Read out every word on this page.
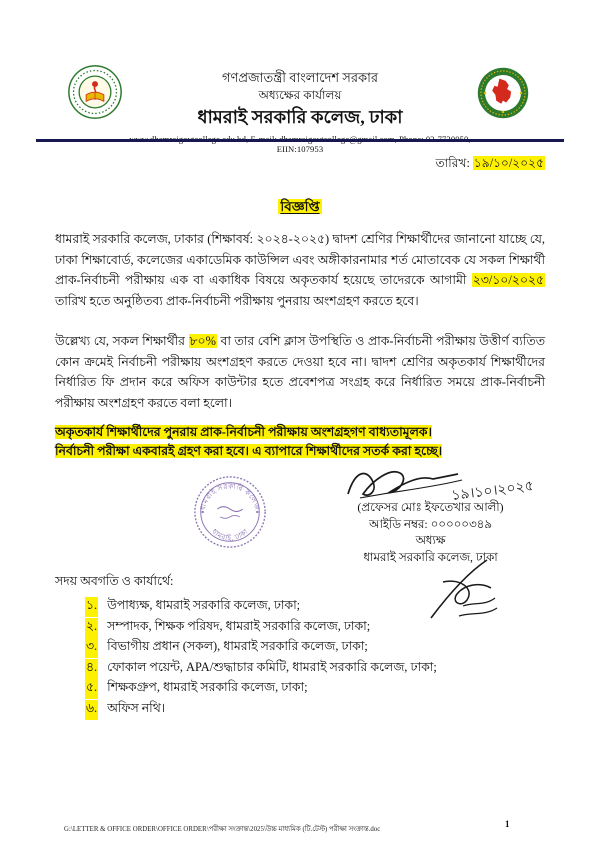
গণপ্রজাতন্ত্রী বাংলাদেশ সরকার
অধ্যক্ষের কার্যালয়
ধামরাই সরকারি কলেজ, ঢাকা
www.dhamraigovtcollege.edu.bd, E-mail: dhamraigovtcollege@gmail.com, Phone: 02-7730050, EIIN:107953
তারিখ: ১৯/১০/২০২৫
বিজ্ঞপ্তি

ধামরাই সরকারি কলেজ, ঢাকার (শিক্ষাবর্ষ: ২০২৪-২০২৫) দ্বাদশ শ্রেণির শিক্ষার্থীদের জানানো যাচ্ছে যে, ঢাকা শিক্ষাবোর্ড, কলেজের একাডেমিক কাউন্সিল এবং অঙ্গীকারনামার শর্ত মোতাবেক যে সকল শিক্ষার্থী প্রাক-নির্বাচনী পরীক্ষায় এক বা একাধিক বিষয়ে অকৃতকার্য হয়েছে তাদেরকে আগামী ২৩/১০/২০২৫ তারিখ হতে অনুষ্ঠিতব্য প্রাক-নির্বাচনী পরীক্ষায় পুনরায় অংশগ্রহণ করতে হবে।

উল্লেখ্য যে, সকল শিক্ষার্থীর ৮০% বা তার বেশি ক্লাস উপস্থিতি ও প্রাক-নির্বাচনী পরীক্ষায় উত্তীর্ণ ব্যতিত কোন ক্রমেই নির্বাচনী পরীক্ষায় অংশগ্রহণ করতে দেওয়া হবে না। দ্বাদশ শ্রেণির অকৃতকার্য শিক্ষার্থীদের নির্ধারিত ফি প্রদান করে অফিস কাউন্টার হতে প্রবেশপত্র সংগ্রহ করে নির্ধারিত সময়ে প্রাক-নির্বাচনী পরীক্ষায় অংশগ্রহণ করতে বলা হলো।

অকৃতকার্য শিক্ষার্থীদের পুনরায় প্রাক-নির্বাচনী পরীক্ষায় অংশগ্রহগণ বাধ্যতামূলক।
নির্বাচনী পরীক্ষা একবারই গ্রহণ করা হবে। এ ব্যাপারে শিক্ষার্থীদের সতর্ক করা হচ্ছে।
ধামরাই সরকারি কলেজ
ধামরাই, ঢাকা
১৯।১০।২০২৫
(প্রফেসর মোঃ ইফতেখার আলী)
আইডি নম্বর: ০০০০০৩৪৯
অধ্যক্ষ
ধামরাই সরকারি কলেজ, ঢাকা
সদয় অবগতি ও কার্যার্থে:
১. উপাধ্যক্ষ, ধামরাই সরকারি কলেজ, ঢাকা;
২. সম্পাদক, শিক্ষক পরিষদ, ধামরাই সরকারি কলেজ, ঢাকা;
৩. বিভাগীয় প্রধান (সকল), ধামরাই সরকারি কলেজ, ঢাকা;
৪. ফোকাল পয়েন্ট, APA/শুদ্ধাচার কমিটি, ধামরাই সরকারি কলেজ, ঢাকা;
৫. শিক্ষকগ্রুপ, ধামরাই সরকারি কলেজ, ঢাকা;
৬. অফিস নথি।
G:\LETTER & OFFICE ORDER\OFFICE ORDER\পরীক্ষা সংক্রান্ত\2025\উচ্চ মাধ্যমিক (টি.টেস্ট) পরীক্ষা সংক্রান্ত.doc
1
